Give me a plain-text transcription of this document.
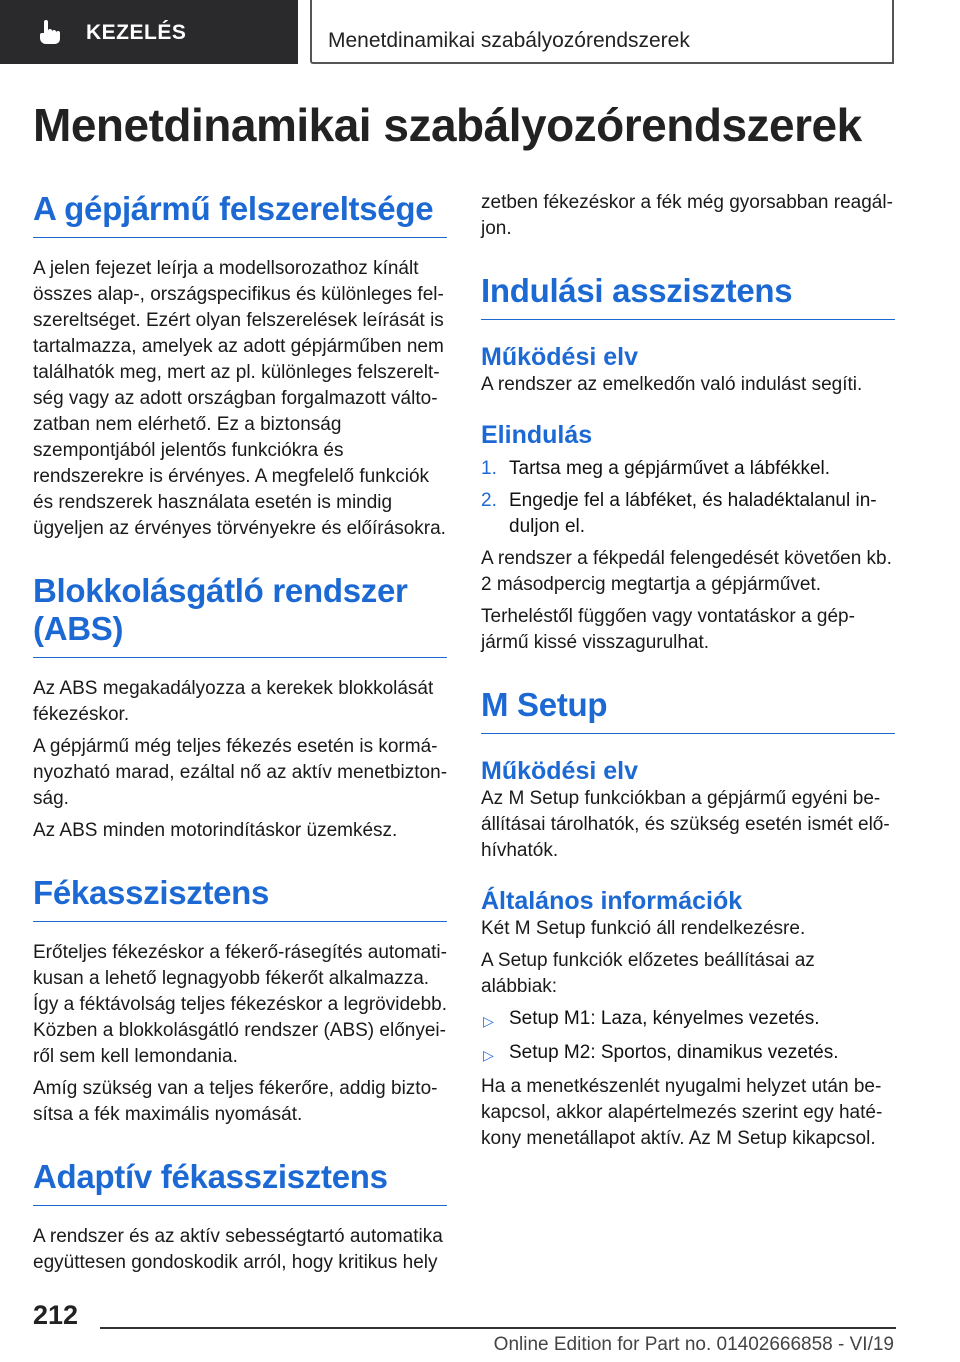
KEZELÉS	Menetdinamikai szabályozórendszerek
Menetdinamikai szabályozórendszerek
A gépjármű felszereltsége

A jelen fejezet leírja a modellsorozathoz kínált összes alap-, országspecifikus és különleges felszereltséget. Ezért olyan felszerelések leírását is tartalmazza, amelyek az adott gépjárműben nem találhatók meg, mert az pl. különleges felszereltség vagy az adott országban forgalmazott változatban nem elérhető. Ez a biztonság szempontjából jelentős funkciókra és rendszerekre is érvényes. A megfelelő funkciók és rendszerek használata esetén is mindig ügyeljen az érvényes törvényekre és előírásokra.

Blokkolásgátló rendszer (ABS)

Az ABS megakadályozza a kerekek blokkolását fékezéskor.

A gépjármű még teljes fékezés esetén is kormányozható marad, ezáltal nő az aktív menetbiztonság.

Az ABS minden motorindításkor üzemkész.

Fékasszisztens

Erőteljes fékezéskor a fékerő-rásegítés automatikusan a lehető legnagyobb fékerőt alkalmazza. Így a féktávolság teljes fékezéskor a legrövidebb. Közben a blokkolásgátló rendszer (ABS) előnyeiről sem kell lemondania.

Amíg szükség van a teljes fékerőre, addig biztosítsa a fék maximális nyomását.

Adaptív fékasszisztens

A rendszer és az aktív sebességtartó automatika együttesen gondoskodik arról, hogy kritikus hely

zetben fékezéskor a fék még gyorsabban reagáljon.

Indulási asszisztens
Működési elv

A rendszer az emelkedőn való indulást segíti.

Elindulás
1. Tartsa meg a gépjárművet a lábfékkel.
2. Engedje fel a lábféket, és haladéktalanul induljon el.

A rendszer a fékpedál felengedését követően kb. 2 másodpercig megtartja a gépjárművet.

Terheléstől függően vagy vontatáskor a gépjármű kissé visszagurulhat.

M Setup
Működési elv

Az M Setup funkciókban a gépjármű egyéni beállításai tárolhatók, és szükség esetén ismét előhívhatók.

Általános információk

Két M Setup funkció áll rendelkezésre.

A Setup funkciók előzetes beállításai az alábbiak:

▷ Setup M1: Laza, kényelmes vezetés.
▷ Setup M2: Sportos, dinamikus vezetés.

Ha a menetkészenlét nyugalmi helyzet után bekapcsol, akkor alapértelmezés szerint egy hatékony menetállapot aktív. Az M Setup kikapcsol.

212
Online Edition for Part no. 01402666858 - VI/19
